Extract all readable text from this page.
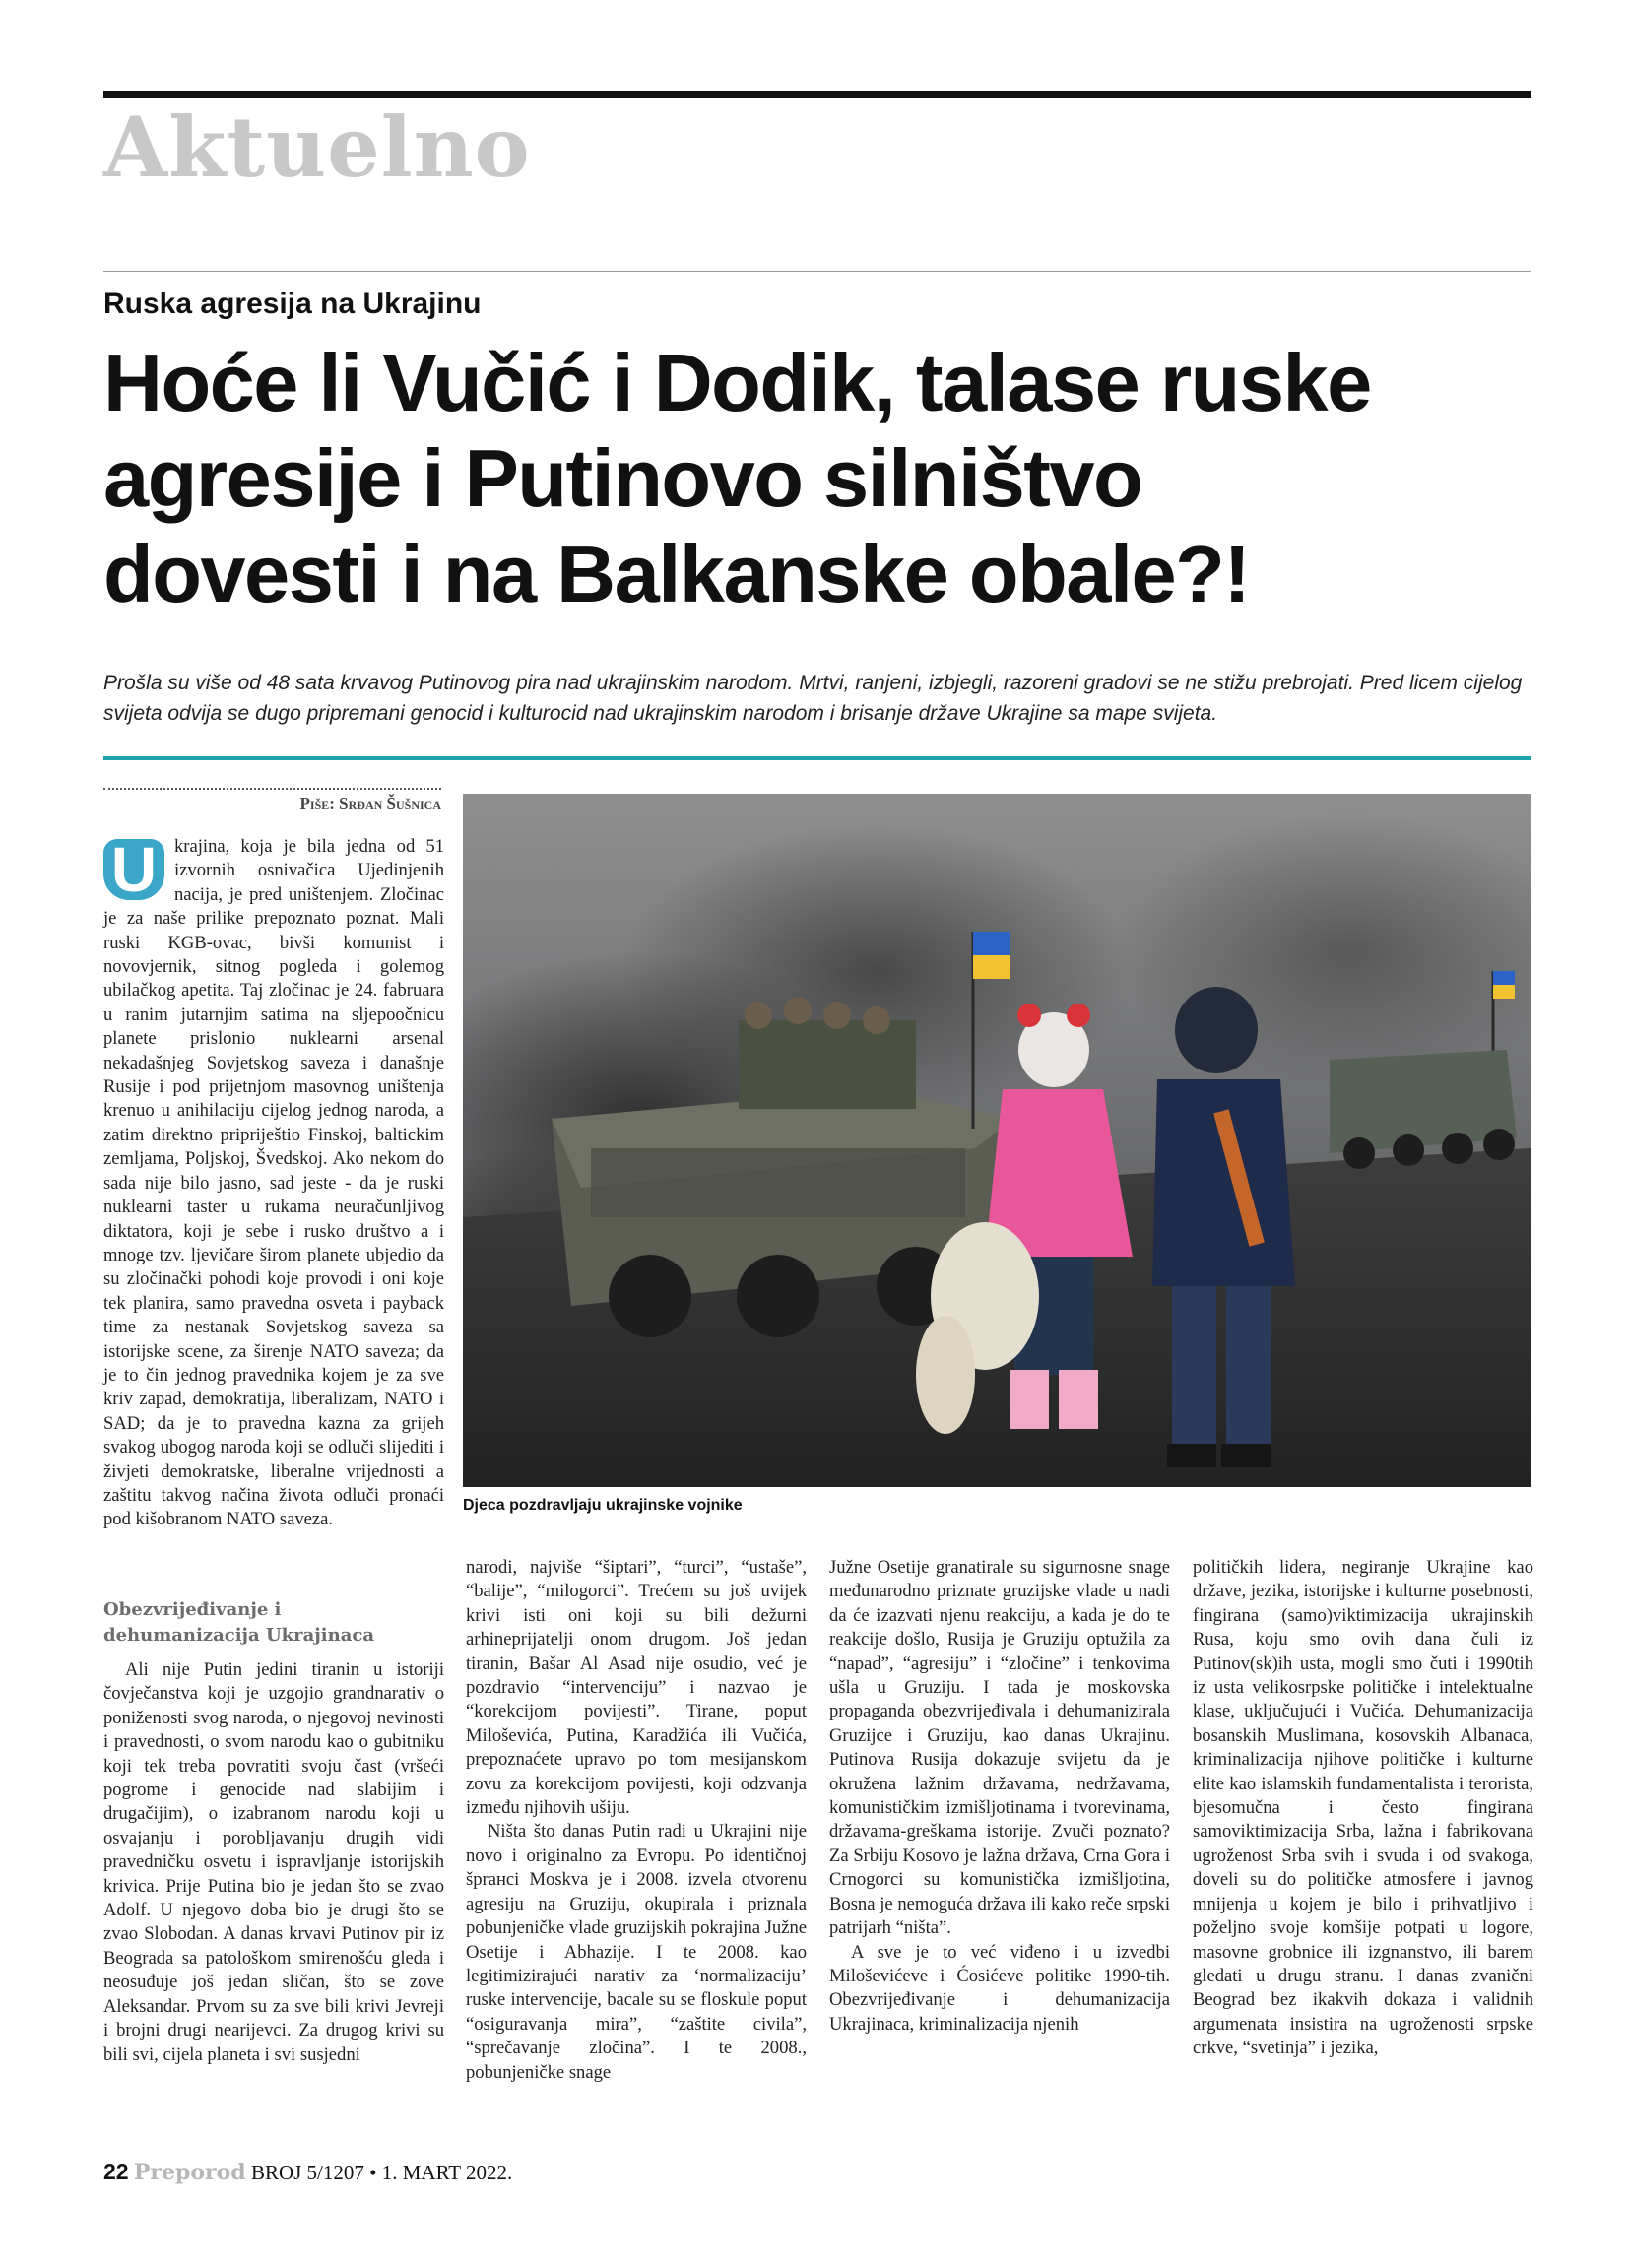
Aktuelno
Ruska agresija na Ukrajinu
Hoće li Vučić i Dodik, talase ruske
agresije i Putinovo silništvo
dovesti i na Balkanske obale?!

Prošla su više od 48 sata krvavog Putinovog pira nad ukrajinskim narodom. Mrtvi, ranjeni, izbjegli, razoreni gradovi se ne stižu prebrojati. Pred licem cijelog svijeta odvija se dugo pripremani genocid i kulturocid nad ukrajinskim narodom i brisanje države Ukrajine sa mape svijeta.

Piše: Srđan Šušnica

Djeca pozdravljaju ukrajinske vojnike

U krajina, koja je bila jedna od 51 izvornih osnivačica Ujedinjenih nacija, je pred uništenjem. Zločinac je za naše prilike prepoznato poznat. Mali ruski KGB-ovac, bivši komunist i novovjernik, sitnog pogleda i golemog ubilačkog apetita. Taj zločinac je 24. fabruara u ranim jutarnjim satima na sljepoočnicu planete prislonio nuklearni arsenal nekadašnjeg Sovjetskog saveza i današnje Rusije i pod prijetnjom masovnog uništenja krenuo u anihilaciju cijelog jednog naroda, a zatim direktno pripriještio Finskoj, baltickim zemljama, Poljskoj, Švedskoj. Ako nekom do sada nije bilo jasno, sad jeste - da je ruski nuklearni taster u rukama neuračunljivog diktatora, koji je sebe i rusko društvo a i mnoge tzv. ljevičare širom planete ubjedio da su zločinački pohodi koje provodi i oni koje tek planira, samo pravedna osveta i payback time za nestanak Sovjetskog saveza sa istorijske scene, za širenje NATO saveza; da je to čin jednog pravednika kojem je za sve kriv zapad, demokratija, liberalizam, NATO i SAD; da je to pravedna kazna za grijeh svakog ubogog naroda koji se odluči slijediti i živjeti demokratske, liberalne vrijednosti a zaštitu takvog načina života odluči pronaći pod kišobranom NATO saveza.

Obezvrijeđivanje i dehumanizacija Ukrajinaca

Ali nije Putin jedini tiranin u istoriji čovječanstva koji je uzgojio grandnarativ o poniženosti svog naroda, o njegovoj nevinosti i pravednosti, o svom narodu kao o gubitniku koji tek treba povratiti svoju čast (vršeći pogrome i genocide nad slabijim i drugačijim), o izabranom narodu koji u osvajanju i porobljavanju drugih vidi pravedničku osvetu i ispravljanje istorijskih krivica. Prije Putina bio je jedan što se zvao Adolf. U njegovo doba bio je drugi što se zvao Slobodan. A danas krvavi Putinov pir iz Beograda sa patološkom smirenošću gleda i neosuđuje još jedan sličan, što se zove Aleksandar. Prvom su za sve bili krivi Jevreji i brojni drugi nearijevci. Za drugog krivi su bili svi, cijela planeta i svi susjedni

narodi, najviše “šiptari”, “turci”, “ustaše”, “balije”, “milogorci”. Trećem su još uvijek krivi isti oni koji su bili dežurni arhineprijatelji onom drugom. Još jedan tiranin, Bašar Al Asad nije osudio, već je pozdravio “intervenciju” i nazvao je “korekcijom povijesti”. Tirane, poput Miloševića, Putina, Karadžića ili Vučića, prepoznaćete upravo po tom mesijanskom zovu za korekcijom povijesti, koji odzvanja između njihovih ušiju.

Ništa što danas Putin radi u Ukrajini nije novo i originalno za Evropu. Po identičnoj šprанci Moskva je i 2008. izvela otvorenu agresiju na Gruziju, okupirala i priznala pobunjeničke vlade gruzijskih pokrajina Južne Osetije i Abhazije. I te 2008. kao legitimizirajući narativ za ‘normalizaciju’ ruske intervencije, bacale su se floskule poput “osiguravanja mira”, “zaštite civila”, “sprečavanje zločina”. I te 2008., pobunjeničke snage

Južne Osetije granatirale su sigurnosne snage međunarodno priznate gruzijske vlade u nadi da će izazvati njenu reakciju, a kada je do te reakcije došlo, Rusija je Gruziju optužila za “napad”, “agresiju” i “zločine” i tenkovima ušla u Gruziju. I tada je moskovska propaganda obezvrijeđivala i dehumanizirala Gruzijce i Gruziju, kao danas Ukrajinu. Putinova Rusija dokazuje svijetu da je okružena lažnim državama, nedržavama, komunističkim izmišljotinama i tvorevinama, državama-greškama istorije. Zvuči poznato? Za Srbiju Kosovo je lažna država, Crna Gora i Crnogorci su komunistička izmišljotina, Bosna je nemoguća država ili kako reče srpski patrijarh “ništa”.

A sve je to već viđeno i u izvedbi Miloševićeve i Ćosićeve politike 1990-tih. Obezvrijeđivanje i dehumanizacija Ukrajinaca, kriminalizacija njenih

političkih lidera, negiranje Ukrajine kao države, jezika, istorijske i kulturne posebnosti, fingirana (samo)viktimizacija ukrajinskih Rusa, koju smo ovih dana čuli iz Putinov(sk)ih usta, mogli smo čuti i 1990tih iz usta velikosrpske političke i intelektualne klase, uključujući i Vučića. Dehumanizacija bosanskih Muslimana, kosovskih Albanaca, kriminalizacija njihove političke i kulturne elite kao islamskih fundamentalista i terorista, bjesomučna i često fingirana samoviktimizacija Srba, lažna i fabrikovana ugroženost Srba svih i svuda i od svakoga, doveli su do političke atmosfere i javnog mnijenja u kojem je bilo i prihvatljivo i poželjno svoje komšije potpati u logore, masovne grobnice ili izgnanstvo, ili barem gledati u drugu stranu. I danas zvanični Beograd bez ikakvih dokaza i validnih argumenata insistira na ugroženosti srpske crkve, “svetinja” i jezika,

22 Preporod BROJ 5/1207 • 1. MART 2022.
